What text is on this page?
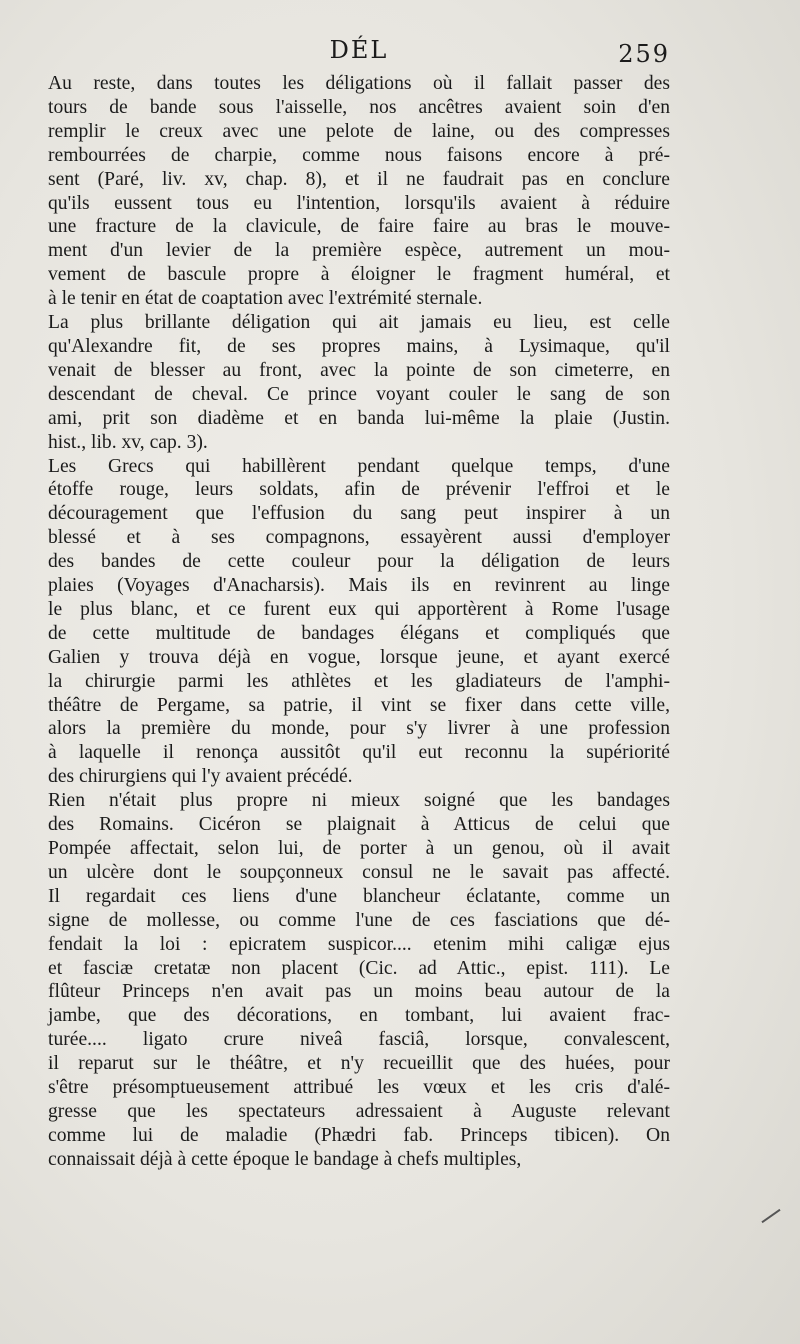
DÉL	259
Au reste, dans toutes les déligations où il fallait passer des
tours de bande sous l'aisselle, nos ancêtres avaient soin d'en
remplir le creux avec une pelote de laine, ou des compresses
rembourrées de charpie, comme nous faisons encore à pré-
sent (Paré, liv. xv, chap. 8), et il ne faudrait pas en conclure
qu'ils eussent tous eu l'intention, lorsqu'ils avaient à réduire
une fracture de la clavicule, de faire faire au bras le mouve-
ment d'un levier de la première espèce, autrement un mou-
vement de bascule propre à éloigner le fragment huméral, et
à le tenir en état de coaptation avec l'extrémité sternale.
La plus brillante déligation qui ait jamais eu lieu, est celle
qu'Alexandre fit, de ses propres mains, à Lysimaque, qu'il
venait de blesser au front, avec la pointe de son cimeterre, en
descendant de cheval. Ce prince voyant couler le sang de son
ami, prit son diadème et en banda lui-même la plaie (Justin.
hist., lib. xv, cap. 3).
Les Grecs qui habillèrent pendant quelque temps, d'une
étoffe rouge, leurs soldats, afin de prévenir l'effroi et le
découragement que l'effusion du sang peut inspirer à un
blessé et à ses compagnons, essayèrent aussi d'employer
des bandes de cette couleur pour la déligation de leurs
plaies (Voyages d'Anacharsis). Mais ils en revinrent au linge
le plus blanc, et ce furent eux qui apportèrent à Rome l'usage
de cette multitude de bandages élégans et compliqués que
Galien y trouva déjà en vogue, lorsque jeune, et ayant exercé
la chirurgie parmi les athlètes et les gladiateurs de l'amphi-
théâtre de Pergame, sa patrie, il vint se fixer dans cette ville,
alors la première du monde, pour s'y livrer à une profession
à laquelle il renonça aussitôt qu'il eut reconnu la supériorité
des chirurgiens qui l'y avaient précédé.
Rien n'était plus propre ni mieux soigné que les bandages
des Romains. Cicéron se plaignait à Atticus de celui que
Pompée affectait, selon lui, de porter à un genou, où il avait
un ulcère dont le soupçonneux consul ne le savait pas affecté.
Il regardait ces liens d'une blancheur éclatante, comme un
signe de mollesse, ou comme l'une de ces fasciations que dé-
fendait la loi : epicratem suspicor.... etenim mihi caligæ ejus
et fasciæ cretatæ non placent (Cic. ad Attic., epist. 111). Le
flûteur Princeps n'en avait pas un moins beau autour de la
jambe, que des décorations, en tombant, lui avaient frac-
turée.... ligato crure niveâ fasciâ, lorsque, convalescent,
il reparut sur le théâtre, et n'y recueillit que des huées, pour
s'être présomptueusement attribué les vœux et les cris d'alé-
gresse que les spectateurs adressaient à Auguste relevant
comme lui de maladie (Phædri fab. Princeps tibicen). On
connaissait déjà à cette époque le bandage à chefs multiples,
